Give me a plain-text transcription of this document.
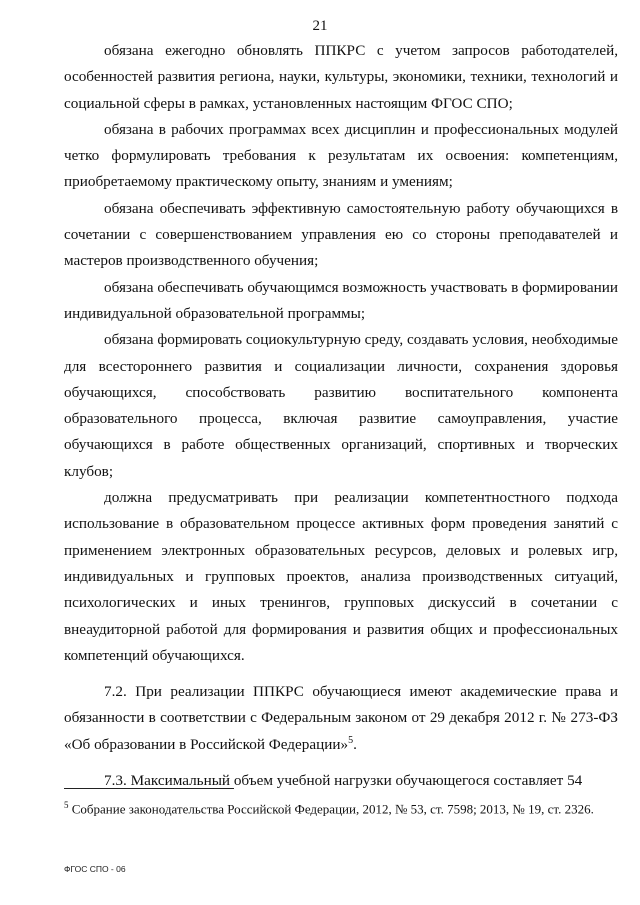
21

обязана ежегодно обновлять ППКРС с учетом запросов работодателей, особенностей развития региона, науки, культуры, экономики, техники, технологий и социальной сферы в рамках, установленных настоящим ФГОС СПО;

обязана в рабочих программах всех дисциплин и профессиональных модулей четко формулировать требования к результатам их освоения: компетенциям, приобретаемому практическому опыту, знаниям и умениям;

обязана обеспечивать эффективную самостоятельную работу обучающихся в сочетании с совершенствованием управления ею со стороны преподавателей и мастеров производственного обучения;

обязана обеспечивать обучающимся возможность участвовать в формировании индивидуальной образовательной программы;

обязана формировать социокультурную среду, создавать условия, необходимые для всестороннего развития и социализации личности, сохранения здоровья обучающихся, способствовать развитию воспитательного компонента образовательного процесса, включая развитие самоуправления, участие обучающихся в работе общественных организаций, спортивных и творческих клубов;

должна предусматривать при реализации компетентностного подхода использование в образовательном процессе активных форм проведения занятий с применением электронных образовательных ресурсов, деловых и ролевых игр, индивидуальных и групповых проектов, анализа производственных ситуаций, психологических и иных тренингов, групповых дискуссий в сочетании с внеаудиторной работой для формирования и развития общих и профессиональных компетенций обучающихся.

7.2. При реализации ППКРС обучающиеся имеют академические права и обязанности в соответствии с Федеральным законом от 29 декабря 2012 г. № 273-ФЗ «Об образовании в Российской Федерации»$^5$.

7.3. Максимальный объем учебной нагрузки обучающегося составляет 54

$^5$ Собрание законодательства Российской Федерации, 2012, № 53, ст. 7598; 2013, № 19, ст. 2326.
ФГОС СПО - 06
